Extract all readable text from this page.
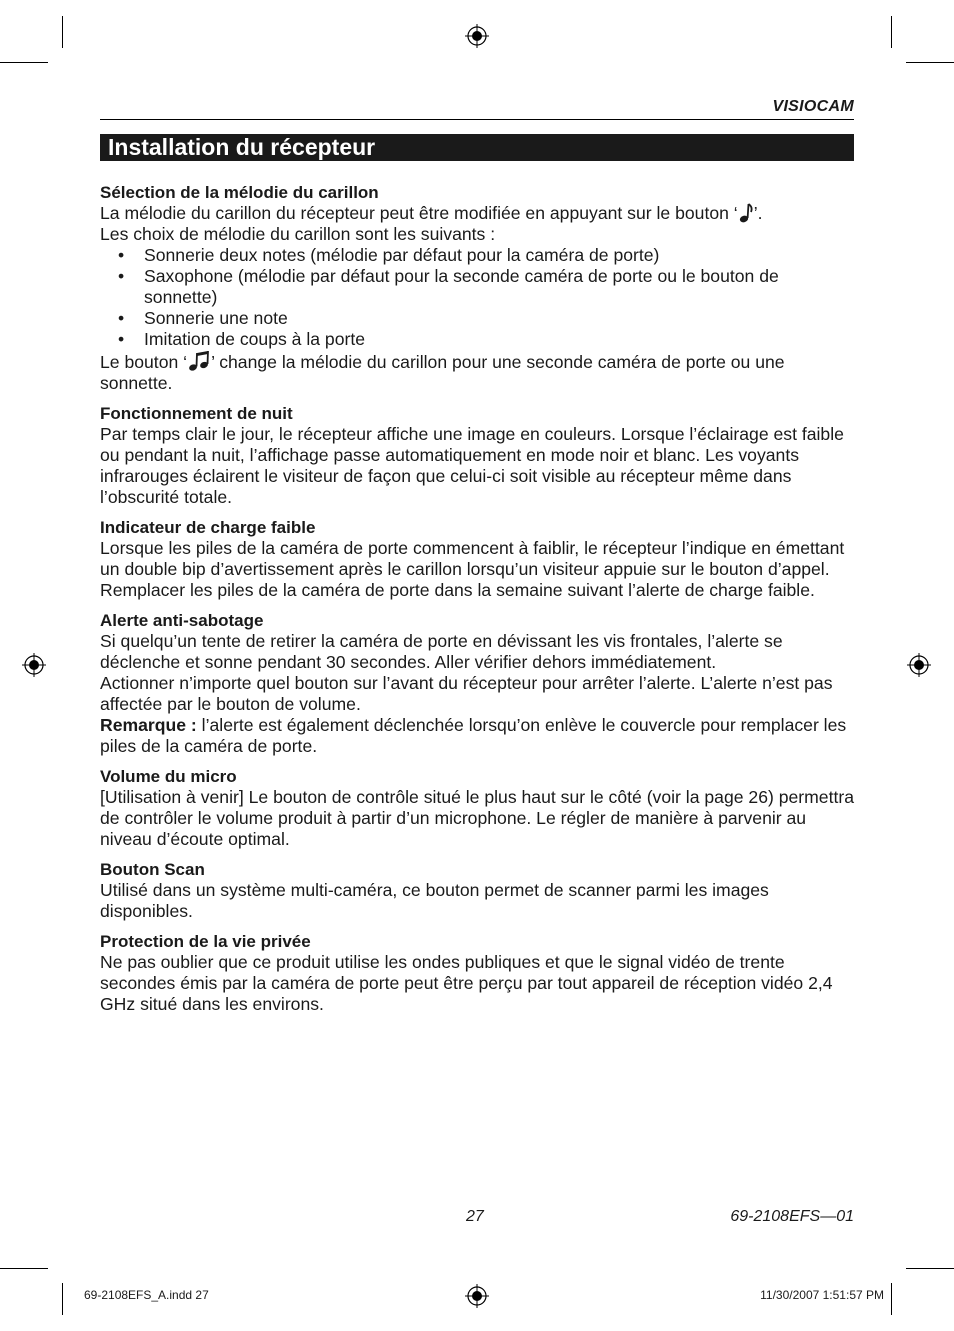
VISIOCAM
Installation du récepteur
Sélection de la mélodie du carillon

La mélodie du carillon du récepteur peut être modifiée en appuyant sur le bouton ‘ ’.

Les choix de mélodie du carillon sont les suivants :

• Sonnerie deux notes (mélodie par défaut pour la caméra de porte)
• Saxophone (mélodie par défaut pour la seconde caméra de porte ou le bouton de sonnette)
• Sonnerie une note
• Imitation de coups à la porte

Le bouton ‘ ’ change la mélodie du carillon pour une seconde caméra de porte ou une sonnette.

Fonctionnement de nuit

Par temps clair le jour, le récepteur affiche une image en couleurs. Lorsque l’éclairage est faible ou pendant la nuit, l’affichage passe automatiquement en mode noir et blanc. Les voyants infrarouges éclairent le visiteur de façon que celui-ci soit visible au récepteur même dans l’obscurité totale.

Indicateur de charge faible

Lorsque les piles de la caméra de porte commencent à faiblir, le récepteur l’indique en émettant un double bip d’avertissement après le carillon lorsqu’un visiteur appuie sur le bouton d’appel. Remplacer les piles de la caméra de porte dans la semaine suivant l’alerte de charge faible.

Alerte anti-sabotage

Si quelqu’un tente de retirer la caméra de porte en dévissant les vis frontales, l’alerte se déclenche et sonne pendant 30 secondes. Aller vérifier dehors immédiatement.

Actionner n’importe quel bouton sur l’avant du récepteur pour arrêter l’alerte. L’alerte n’est pas affectée par le bouton de volume.

Remarque : l’alerte est également déclenchée lorsqu’on enlève le couvercle pour remplacer les piles de la caméra de porte.

Volume du micro

[Utilisation à venir] Le bouton de contrôle situé le plus haut sur le côté (voir la page 26) permettra de contrôler le volume produit à partir d’un microphone. Le régler de manière à parvenir au niveau d’écoute optimal.

Bouton Scan

Utilisé dans un système multi-caméra, ce bouton permet de scanner parmi les images disponibles.

Protection de la vie privée

Ne pas oublier que ce produit utilise les ondes publiques et que le signal vidéo de trente secondes émis par la caméra de porte peut être perçu par tout appareil de réception vidéo 2,4 GHz situé dans les environs.

27	69-2108EFS—01
69-2108EFS_A.indd 27	11/30/2007 1:51:57 PM
